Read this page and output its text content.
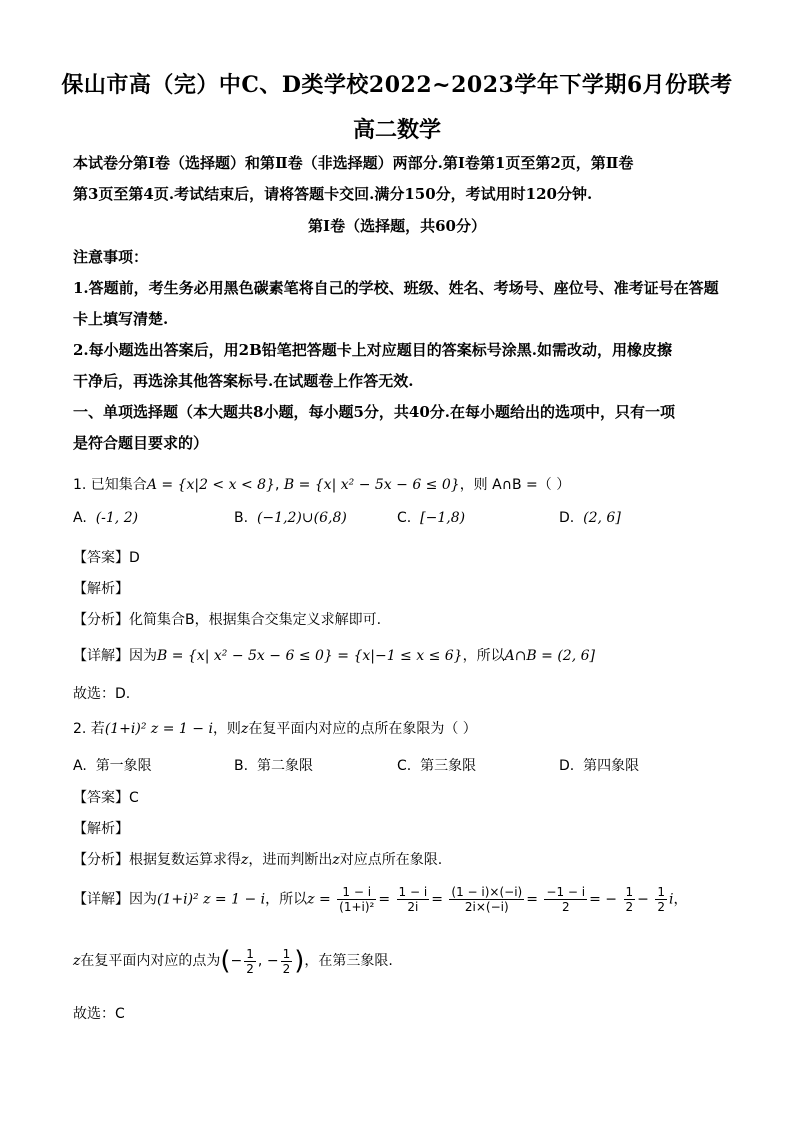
保山市高（完）中C、D类学校2022~2023学年下学期6月份联考
高二数学
本试卷分第Ⅰ卷（选择题）和第Ⅱ卷（非选择题）两部分.第Ⅰ卷第1页至第2页，第Ⅱ卷
第3页至第4页.考试结束后，请将答题卡交回.满分150分，考试用时120分钟.
第Ⅰ卷（选择题，共60分）
注意事项：
1.答题前，考生务必用黑色碳素笔将自己的学校、班级、姓名、考场号、座位号、准考证号在答题
卡上填写清楚.
2.每小题选出答案后，用2B铅笔把答题卡上对应题目的答案标号涂黑.如需改动，用橡皮擦
干净后，再选涂其他答案标号.在试题卷上作答无效.
一、单项选择题（本大题共8小题，每小题5分，共40分.在每小题给出的选项中，只有一项
是符合题目要求的）
1. 已知集合A = {x|2 < x < 8}, B = {x| x² − 5x − 6 ≤ 0}，则 A∩B =（ ）
A. (-1, 2)	B. (−1,2)∪(6,8)	C. [−1,8)	D. (2, 6]
【答案】D
【解析】
【分析】化简集合B，根据集合交集定义求解即可.
【详解】因为B = {x| x² − 5x − 6 ≤ 0} = {x|−1 ≤ x ≤ 6}，所以A∩B = (2, 6]
故选：D.
2. 若(1+i)² z = 1 − i，则z在复平面内对应的点所在象限为（ ）
A. 第一象限	B. 第二象限	C. 第三象限	D. 第四象限
【答案】C
【解析】
【分析】根据复数运算求得z，进而判断出z对应点所在象限.
【详解】因为(1+i)² z = 1 − i，所以$z = \frac{1 - i}{\text{(1+i)²}} = \frac{1 - i}{2i} = \frac{(1 - i)\times(-i)}{2i\times(-i)} = \frac{-1 - i}{2}$ = − $\frac{1}{2} - \frac{1}{2}$ i，
z在复平面内对应的点为(− $\frac{1}{2}$ , − $\frac{1}{2}$ )，在第三象限.
故选：C
